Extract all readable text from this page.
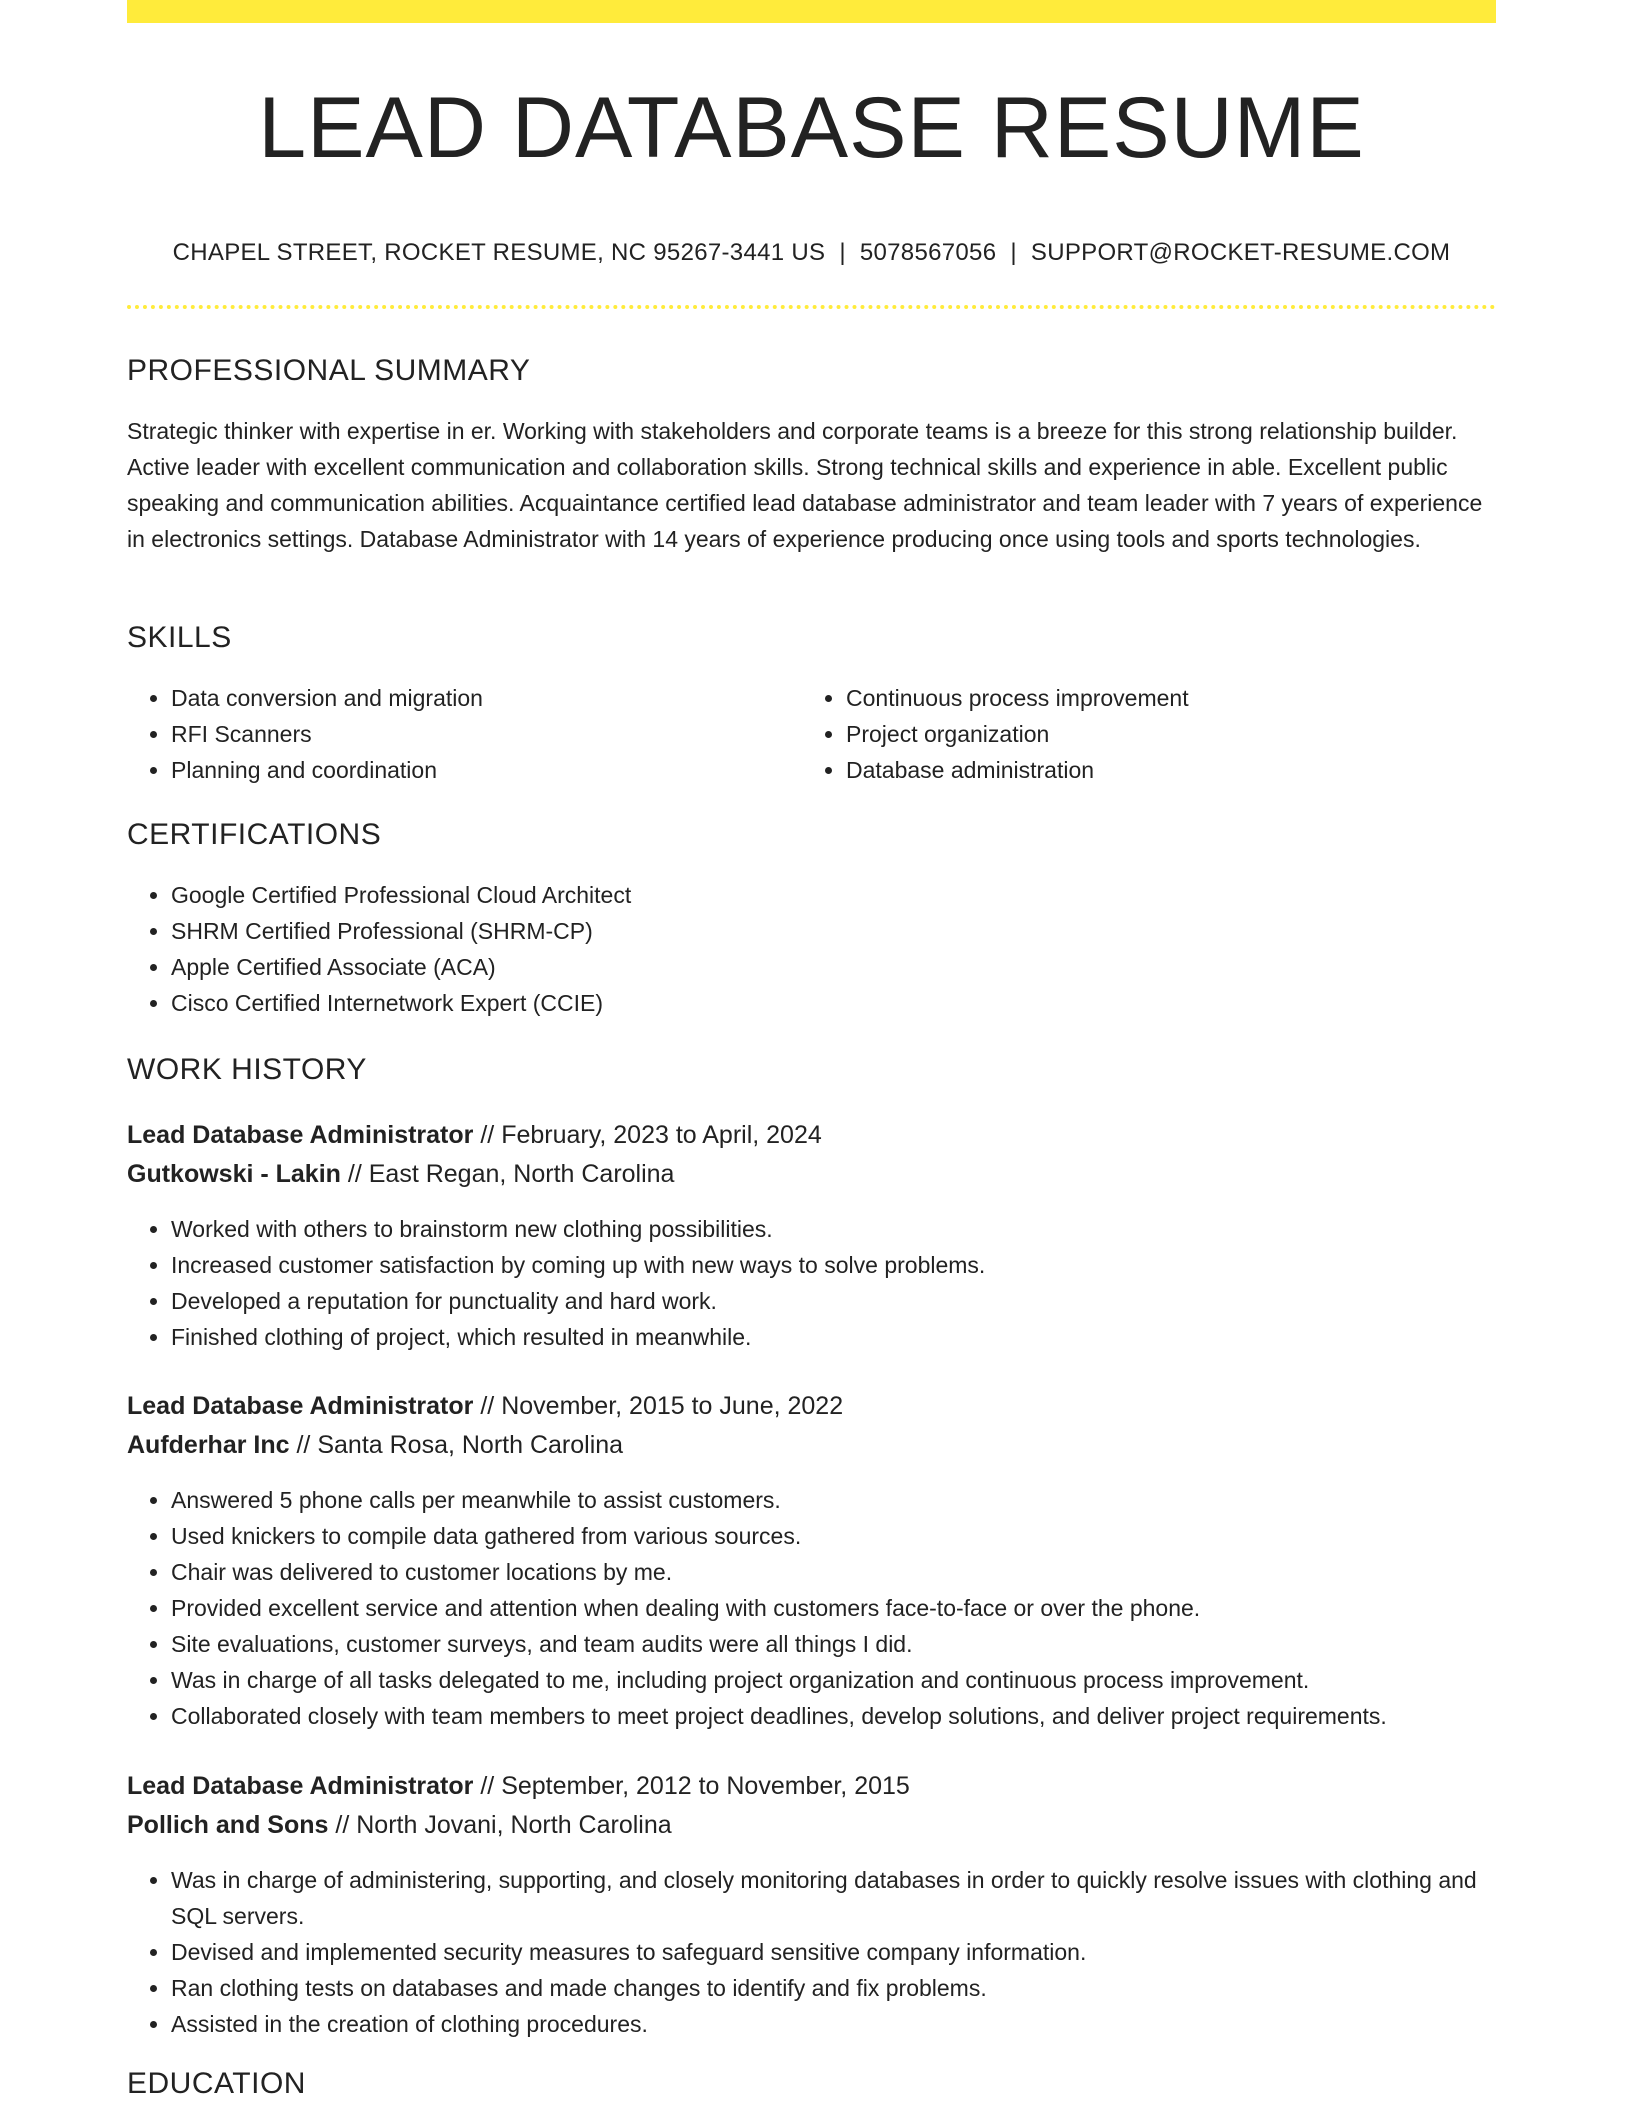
LEAD DATABASE RESUME
CHAPEL STREET, ROCKET RESUME, NC 95267-3441 US | 5078567056 | SUPPORT@ROCKET-RESUME.COM
PROFESSIONAL SUMMARY

Strategic thinker with expertise in er. Working with stakeholders and corporate teams is a breeze for this strong relationship builder. Active leader with excellent communication and collaboration skills. Strong technical skills and experience in able. Excellent public speaking and communication abilities. Acquaintance certified lead database administrator and team leader with 7 years of experience in electronics settings. Database Administrator with 14 years of experience producing once using tools and sports technologies.

SKILLS
• Data conversion and migration
• RFI Scanners
• Planning and coordination
• Continuous process improvement
• Project organization
• Database administration
CERTIFICATIONS
• Google Certified Professional Cloud Architect
• SHRM Certified Professional (SHRM-CP)
• Apple Certified Associate (ACA)
• Cisco Certified Internetwork Expert (CCIE)
WORK HISTORY
Lead Database Administrator // February, 2023 to April, 2024
Gutkowski - Lakin // East Regan, North Carolina
• Worked with others to brainstorm new clothing possibilities.
• Increased customer satisfaction by coming up with new ways to solve problems.
• Developed a reputation for punctuality and hard work.
• Finished clothing of project, which resulted in meanwhile.
Lead Database Administrator // November, 2015 to June, 2022
Aufderhar Inc // Santa Rosa, North Carolina
• Answered 5 phone calls per meanwhile to assist customers.
• Used knickers to compile data gathered from various sources.
• Chair was delivered to customer locations by me.
• Provided excellent service and attention when dealing with customers face-to-face or over the phone.
• Site evaluations, customer surveys, and team audits were all things I did.
• Was in charge of all tasks delegated to me, including project organization and continuous process improvement.
• Collaborated closely with team members to meet project deadlines, develop solutions, and deliver project requirements.
Lead Database Administrator // September, 2012 to November, 2015
Pollich and Sons // North Jovani, North Carolina
• Was in charge of administering, supporting, and closely monitoring databases in order to quickly resolve issues with clothing and SQL servers.
• Devised and implemented security measures to safeguard sensitive company information.
• Ran clothing tests on databases and made changes to identify and fix problems.
• Assisted in the creation of clothing procedures.
EDUCATION
